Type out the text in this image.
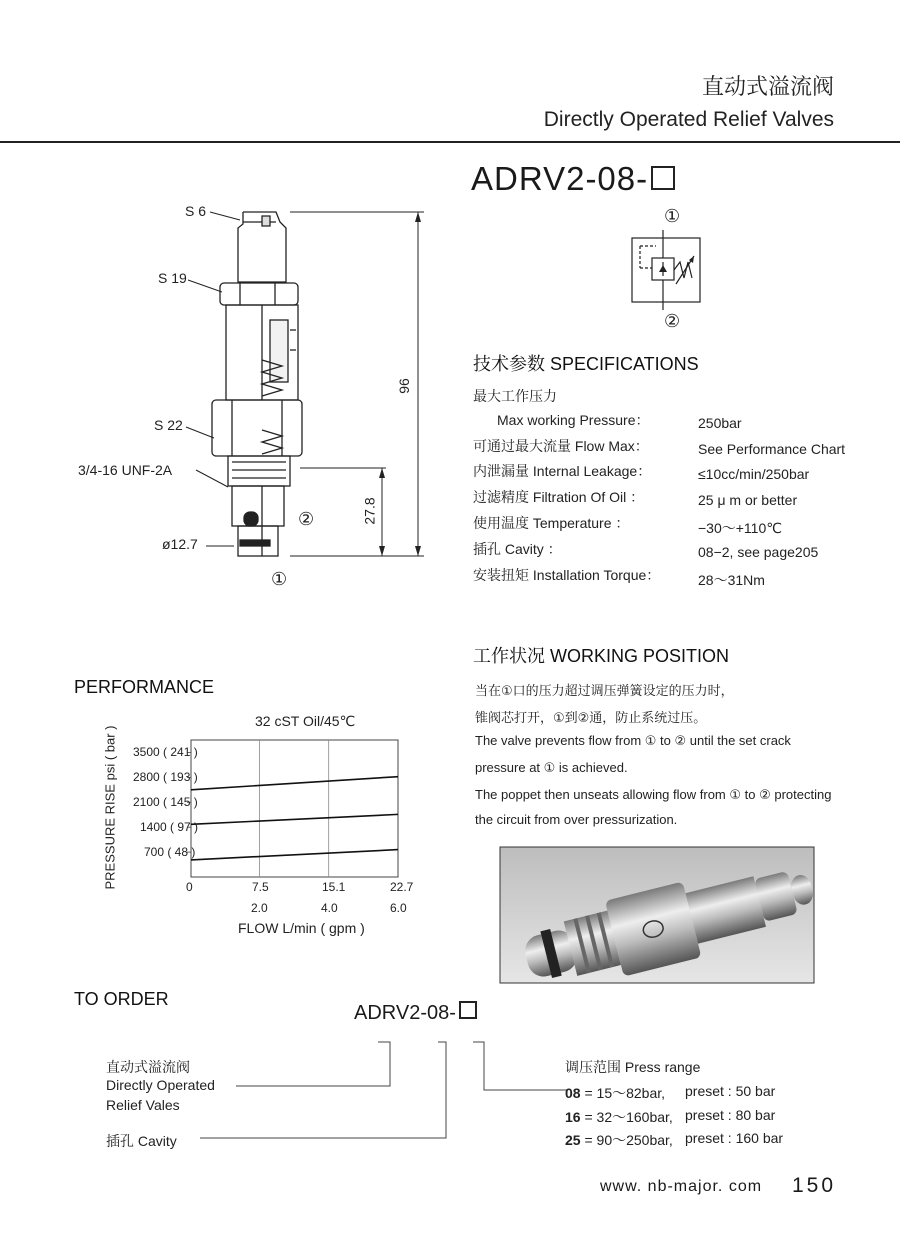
直动式溢流阀
Directly Operated Relief Valves
ADRV2-08-
S 6
S 19
S 22
3/4-16 UNF-2A
ø12.7
96
27.8
②
①
①
②
技术参数 SPECIFICATIONS
最大工作压力
Max working Pressure：	250bar
可通过最大流量 Flow Max：	See Performance Chart
内泄漏量 Internal Leakage：	≤10cc/min/250bar
过滤精度 Filtration Of Oil ：	25 μ m or better
使用温度 Temperature ：	−30～+110℃
插孔 Cavity ：	08−2, see page205
安装扭矩 Installation Torque：	28～31Nm
工作状况 WORKING POSITION
当在①口的压力超过调压弹簧设定的压力时，
锥阀芯打开，①到②通，防止系统过压。
The valve prevents flow from ① to ② until the set crack
pressure at ① is achieved.
The poppet then unseats allowing flow from ① to ② protecting
the circuit from over pressurization.
PERFORMANCE
32 cST Oil/45℃
3500 ( 241 )
2800 ( 193 )
2100 ( 145 )
1400 ( 97 )
700 ( 48 )
0	7.5	15.1	22.7
2.0	4.0	6.0
FLOW L/min ( gpm )
PRESSURE RISE psi ( bar )
TO ORDER
ADRV2-08-
直动式溢流阀
Directly Operated
Relief Vales
插孔 Cavity
调压范围 Press range
08 = 15～82bar, preset : 50 bar
16 = 32～160bar, preset : 80 bar
25 = 90～250bar, preset : 160 bar
www. nb-major. com 150
